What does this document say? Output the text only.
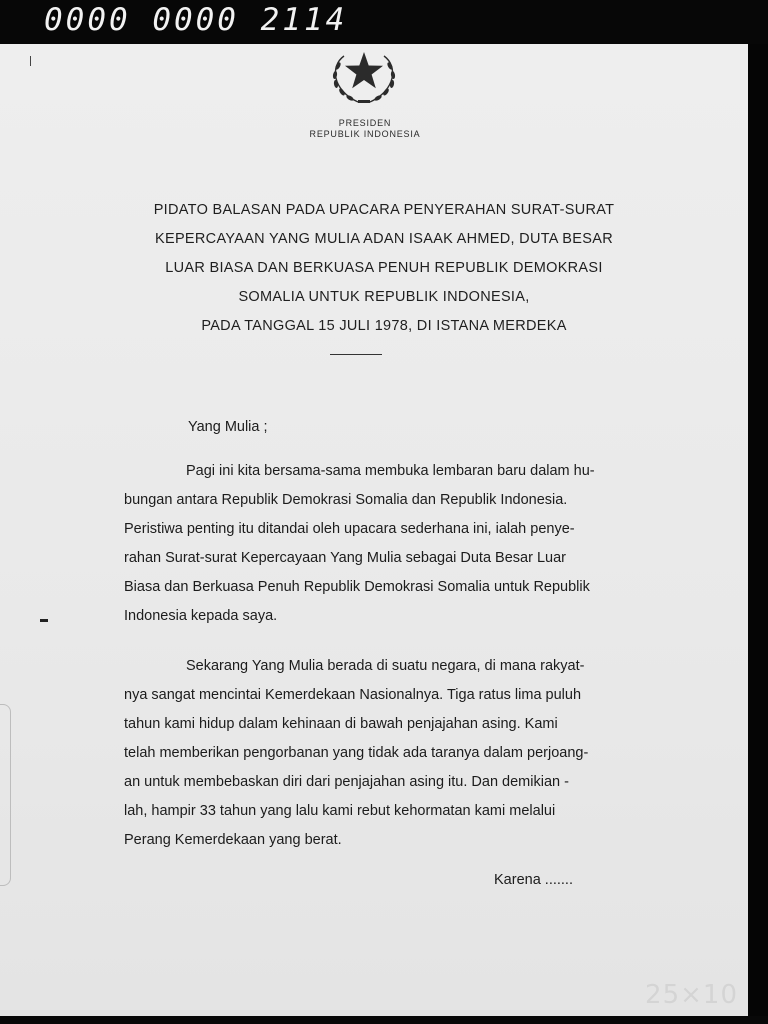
0000 0000 2114
PRESIDEN
REPUBLIK INDONESIA
PIDATO BALASAN PADA UPACARA PENYERAHAN SURAT-SURAT
KEPERCAYAAN YANG MULIA ADAN ISAAK AHMED, DUTA BESAR
LUAR BIASA DAN BERKUASA PENUH REPUBLIK DEMOKRASI
SOMALIA UNTUK REPUBLIK INDONESIA,
PADA TANGGAL 15 JULI 1978, DI ISTANA MERDEKA
Yang Mulia ;
Pagi ini kita bersama-sama membuka lembaran baru dalam hu-
bungan antara Republik Demokrasi Somalia dan Republik Indonesia.
Peristiwa penting itu ditandai oleh upacara sederhana ini, ialah penye-
rahan Surat-surat Kepercayaan Yang Mulia sebagai Duta Besar Luar
Biasa dan Berkuasa Penuh Republik Demokrasi Somalia untuk Republik
Indonesia kepada saya.
Sekarang Yang Mulia berada di suatu negara, di mana rakyat-
nya sangat mencintai Kemerdekaan Nasionalnya. Tiga ratus lima puluh
tahun kami hidup dalam kehinaan di bawah penjajahan asing. Kami
telah memberikan pengorbanan yang tidak ada taranya dalam perjoang-
an untuk membebaskan diri dari penjajahan asing itu. Dan demikian -
lah, hampir 33 tahun yang lalu kami rebut kehormatan kami melalui
Perang Kemerdekaan yang berat.
Karena .......
25×10
